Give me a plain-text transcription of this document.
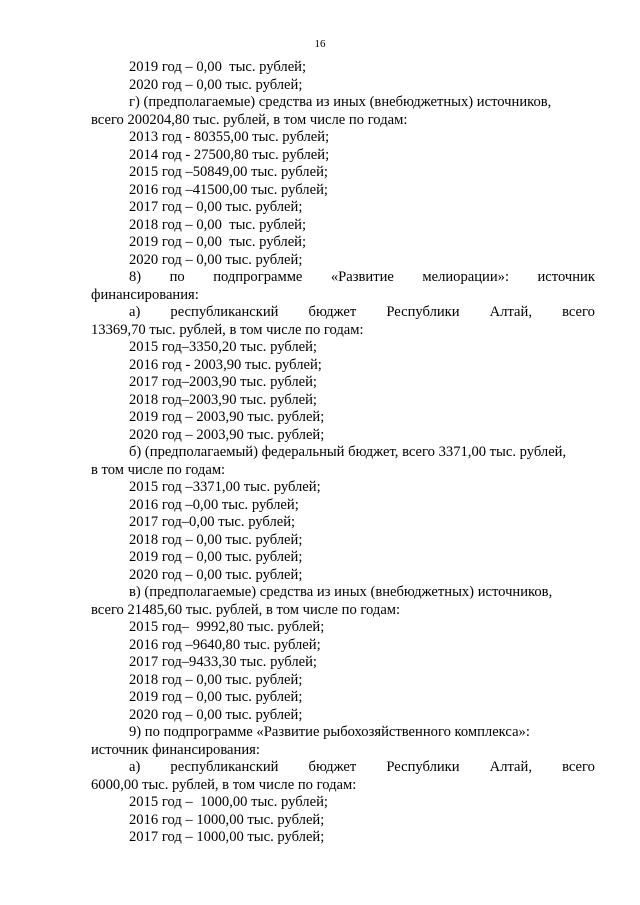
16
2019 год – 0,00  тыс. рублей;
2020 год – 0,00 тыс. рублей;
г) (предполагаемые) средства из иных (внебюджетных) источников,
всего 200204,80 тыс. рублей, в том числе по годам:
2013 год - 80355,00 тыс. рублей;
2014 год - 27500,80 тыс. рублей;
2015 год –50849,00 тыс. рублей;
2016 год –41500,00 тыс. рублей;
2017 год – 0,00 тыс. рублей;
2018 год – 0,00  тыс. рублей;
2019 год – 0,00  тыс. рублей;
2020 год – 0,00 тыс. рублей;
8) по подпрограмме «Развитие мелиорации»: источник
финансирования:
а) республиканский бюджет Республики Алтай, всего
13369,70 тыс. рублей, в том числе по годам:
2015 год–3350,20 тыс. рублей;
2016 год - 2003,90 тыс. рублей;
2017 год–2003,90 тыс. рублей;
2018 год–2003,90 тыс. рублей;
2019 год – 2003,90 тыс. рублей;
2020 год – 2003,90 тыс. рублей;
б) (предполагаемый) федеральный бюджет, всего 3371,00 тыс. рублей,
в том числе по годам:
2015 год –3371,00 тыс. рублей;
2016 год –0,00 тыс. рублей;
2017 год–0,00 тыс. рублей;
2018 год – 0,00 тыс. рублей;
2019 год – 0,00 тыс. рублей;
2020 год – 0,00 тыс. рублей;
в) (предполагаемые) средства из иных (внебюджетных) источников,
всего 21485,60 тыс. рублей, в том числе по годам:
2015 год–  9992,80 тыс. рублей;
2016 год –9640,80 тыс. рублей;
2017 год–9433,30 тыс. рублей;
2018 год – 0,00 тыс. рублей;
2019 год – 0,00 тыс. рублей;
2020 год – 0,00 тыс. рублей;
9) по подпрограмме «Развитие рыбохозяйственного комплекса»:
источник финансирования:
а) республиканский бюджет Республики Алтай, всего
6000,00 тыс. рублей, в том числе по годам:
2015 год –  1000,00 тыс. рублей;
2016 год – 1000,00 тыс. рублей;
2017 год – 1000,00 тыс. рублей;
